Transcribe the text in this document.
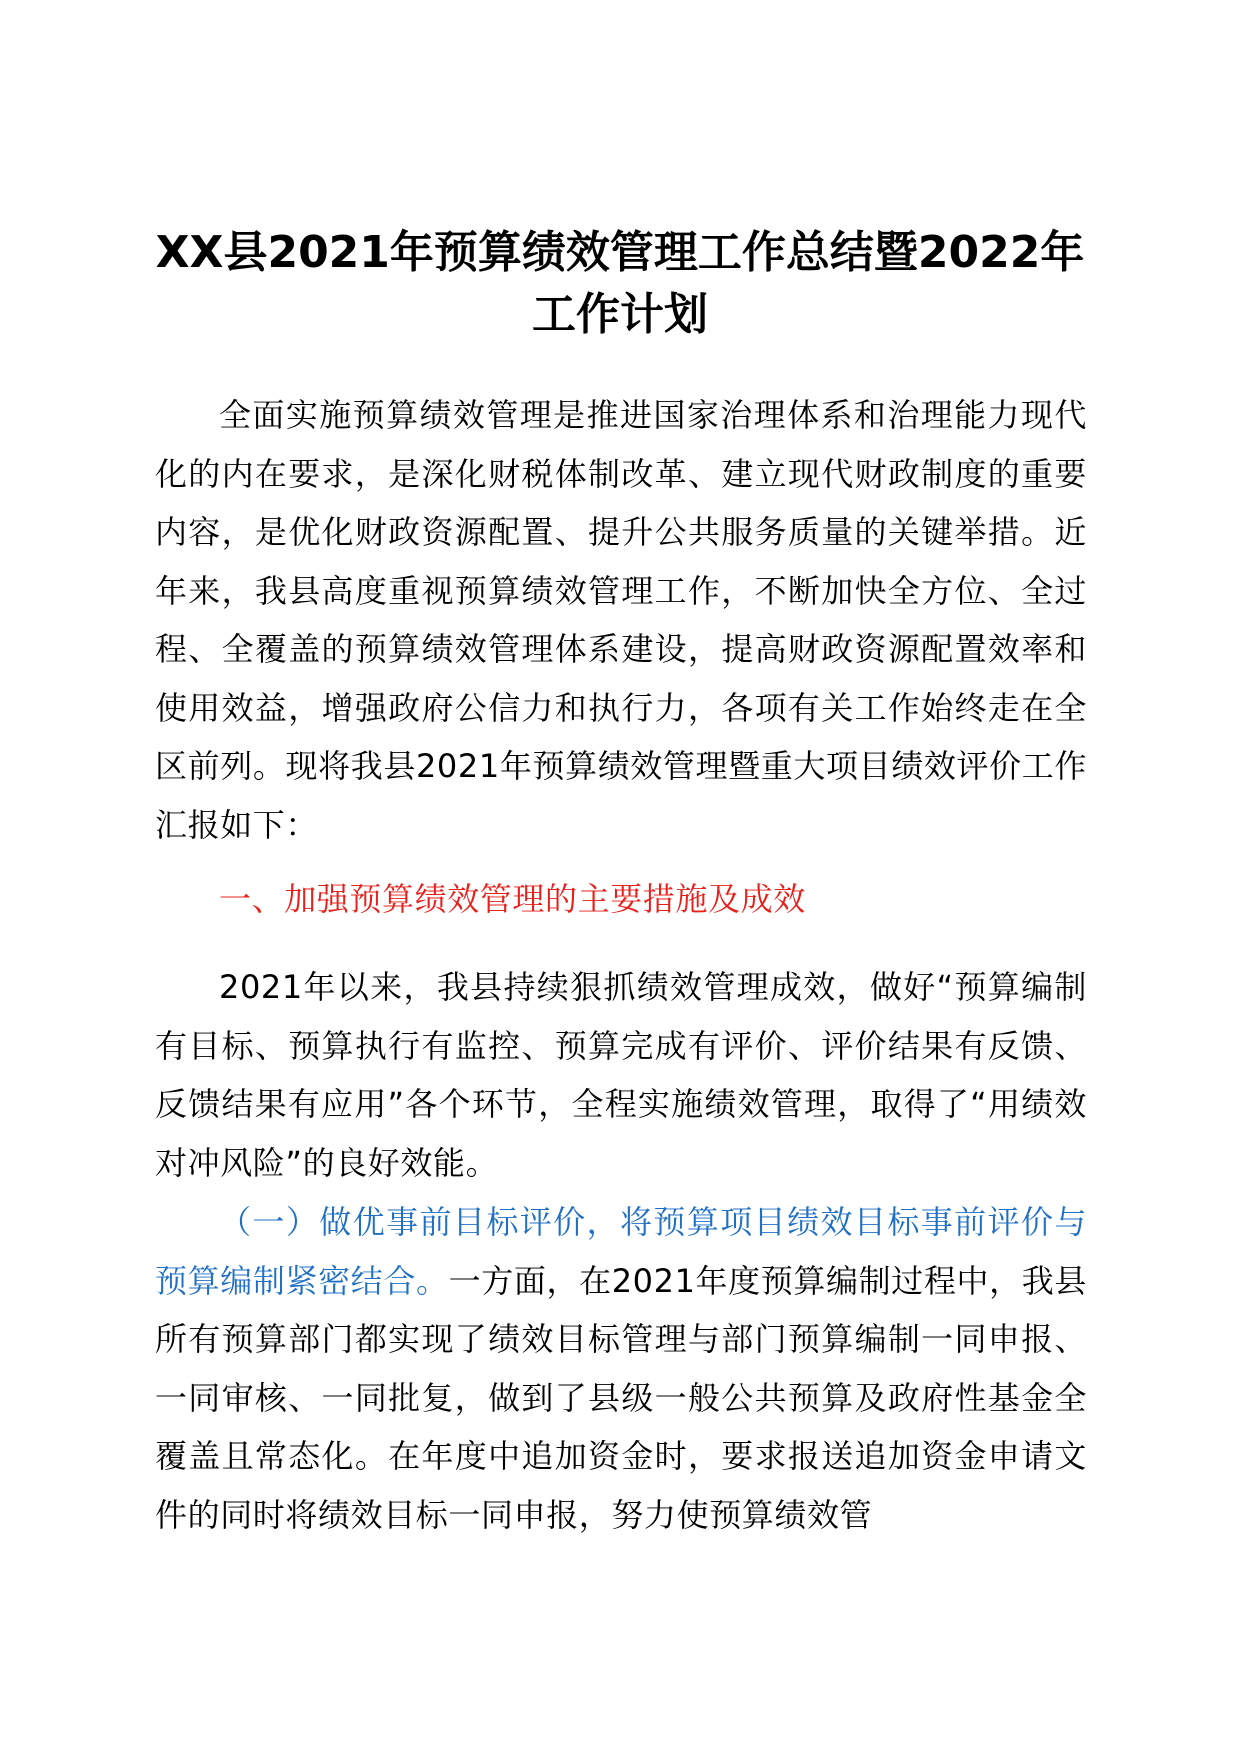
XX县2021年预算绩效管理工作总结暨2022年工作计划

全面实施预算绩效管理是推进国家治理体系和治理能力现代化的内在要求，是深化财税体制改革、建立现代财政制度的重要内容，是优化财政资源配置、提升公共服务质量的关键举措。近年来，我县高度重视预算绩效管理工作，不断加快全方位、全过程、全覆盖的预算绩效管理体系建设，提高财政资源配置效率和使用效益，增强政府公信力和执行力，各项有关工作始终走在全区前列。现将我县2021年预算绩效管理暨重大项目绩效评价工作汇报如下：

一、加强预算绩效管理的主要措施及成效

2021年以来，我县持续狠抓绩效管理成效，做好“预算编制有目标、预算执行有监控、预算完成有评价、评价结果有反馈、反馈结果有应用”各个环节，全程实施绩效管理，取得了“用绩效对冲风险”的良好效能。

（一）做优事前目标评价，将预算项目绩效目标事前评价与预算编制紧密结合。一方面，在2021年度预算编制过程中，我县所有预算部门都实现了绩效目标管理与部门预算编制一同申报、一同审核、一同批复，做到了县级一般公共预算及政府性基金全覆盖且常态化。在年度中追加资金时，要求报送追加资金申请文件的同时将绩效目标一同申报，努力使预算绩效管
